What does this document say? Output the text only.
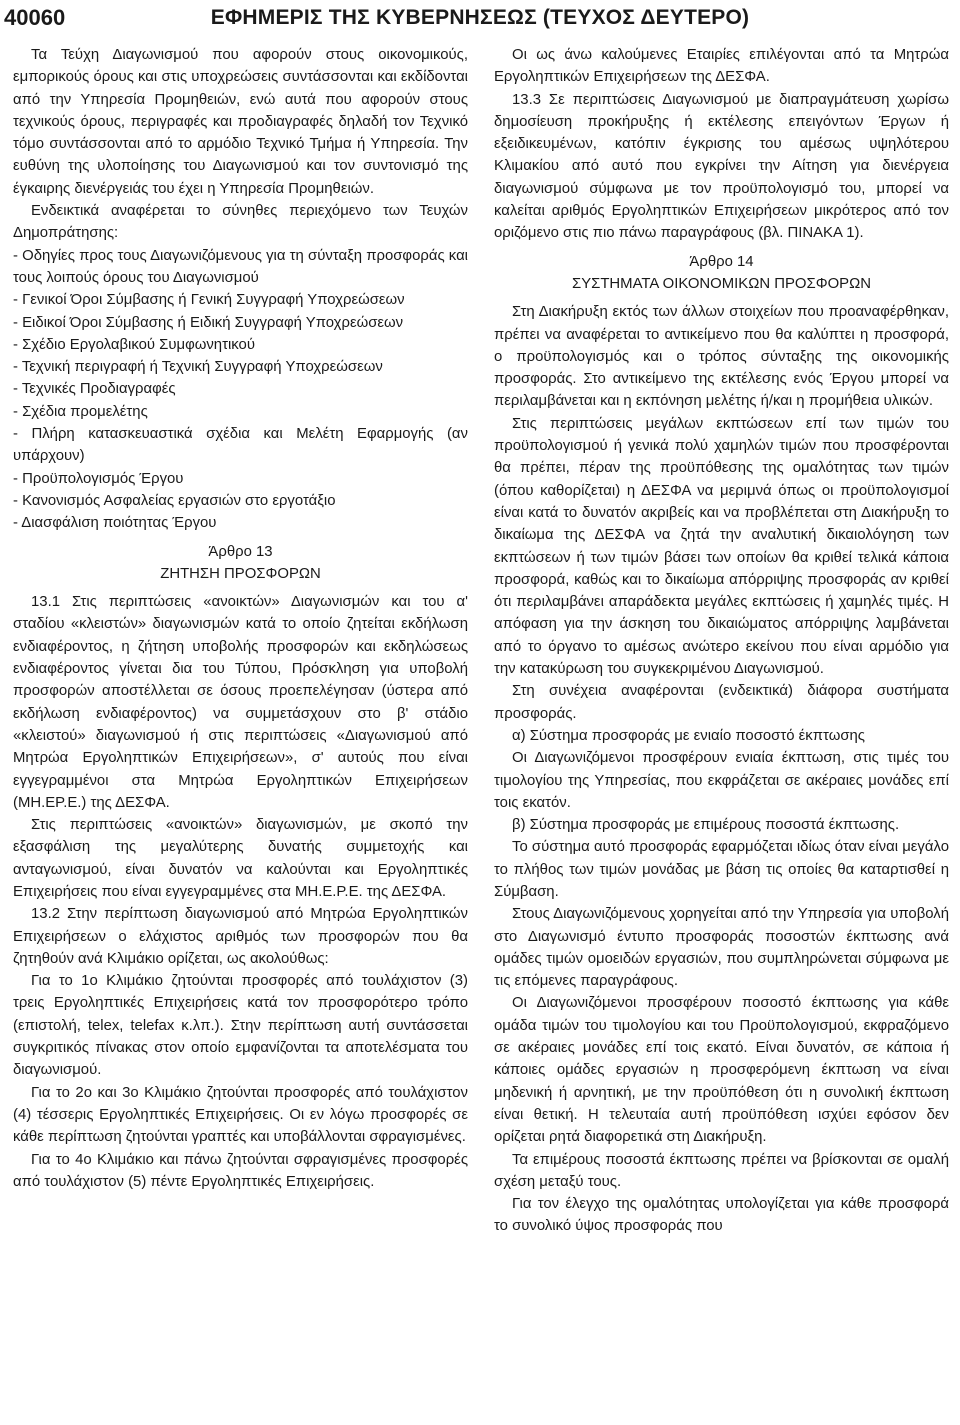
40060	ΕΦΗΜΕΡΙΣ ΤΗΣ ΚΥΒΕΡΝΗΣΕΩΣ (ΤΕΥΧΟΣ ΔΕΥΤΕΡΟ)

Τα Τεύχη Διαγωνισμού που αφορούν στους οικονομικούς, εμπορικούς όρους και στις υποχρεώσεις συντάσσονται και εκδίδονται από την Υπηρεσία Προμηθειών, ενώ αυτά που αφορούν στους τεχνικούς όρους, περιγραφές και προδιαγραφές δηλαδή τον Τεχνικό τόμο συντάσσονται από το αρμόδιο Τεχνικό Τμήμα ή Υπηρεσία. Την ευθύνη της υλοποίησης του Διαγωνισμού και τον συντονισμό της έγκαιρης διενέργειάς του έχει η Υπηρεσία Προμηθειών.

Ενδεικτικά αναφέρεται το σύνηθες περιεχόμενο των Τευχών Δημοπράτησης:

- Οδηγίες προς τους Διαγωνιζόμενους για τη σύνταξη προσφοράς και τους λοιπούς όρους του Διαγωνισμού

- Γενικοί Όροι Σύμβασης ή Γενική Συγγραφή Υποχρεώσεων

- Ειδικοί Όροι Σύμβασης ή Ειδική Συγγραφή Υποχρεώσεων

- Σχέδιο Εργολαβικού Συμφωνητικού

- Τεχνική περιγραφή ή Τεχνική Συγγραφή Υποχρεώσεων

- Τεχνικές Προδιαγραφές

- Σχέδια προμελέτης

- Πλήρη κατασκευαστικά σχέδια και Μελέτη Εφαρμογής (αν υπάρχουν)

- Προϋπολογισμός Έργου

- Κανονισμός Ασφαλείας εργασιών στο εργοτάξιο

- Διασφάλιση ποιότητας Έργου

Άρθρο 13

ΖΗΤΗΣΗ ΠΡΟΣΦΟΡΩΝ

13.1 Στις περιπτώσεις «ανοικτών» Διαγωνισμών και του α' σταδίου «κλειστών» διαγωνισμών κατά το οποίο ζητείται εκδήλωση ενδιαφέροντος, η ζήτηση υποβολής προσφορών και εκδηλώσεως ενδιαφέροντος γίνεται δια του Τύπου, Πρόσκληση για υποβολή προσφορών αποστέλλεται σε όσους προεπελέγησαν (ύστερα από εκδήλωση ενδιαφέροντος) να συμμετάσχουν στο β' στάδιο «κλειστού» διαγωνισμού ή στις περιπτώσεις «Διαγωνισμού από Μητρώα Εργοληπτικών Επιχειρήσεων», σ' αυτούς που είναι εγγεγραμμένοι στα Μητρώα Εργοληπτικών Επιχειρήσεων (ΜΗ.ΕΡ.Ε.) της ΔΕΣΦΑ.

Στις περιπτώσεις «ανοικτών» διαγωνισμών, με σκοπό την εξασφάλιση της μεγαλύτερης δυνατής συμμετοχής και ανταγωνισμού, είναι δυνατόν να καλούνται και Εργοληπτικές Επιχειρήσεις που είναι εγγεγραμμένες στα ΜΗ.Ε.Ρ.Ε. της ΔΕΣΦΑ.

13.2 Στην περίπτωση διαγωνισμού από Μητρώα Εργοληπτικών Επιχειρήσεων ο ελάχιστος αριθμός των προσφορών που θα ζητηθούν ανά Κλιμάκιο ορίζεται, ως ακολούθως:

Για το 1ο Κλιμάκιο ζητούνται προσφορές από τουλάχιστον (3) τρεις Εργοληπτικές Επιχειρήσεις κατά τον προσφορότερο τρόπο (επιστολή, telex, telefax κ.λπ.). Στην περίπτωση αυτή συντάσσεται συγκριτικός πίνακας στον οποίο εμφανίζονται τα αποτελέσματα του διαγωνισμού.

Για το 2ο και 3ο Κλιμάκιο ζητούνται προσφορές από τουλάχιστον (4) τέσσερις Εργοληπτικές Επιχειρήσεις. Οι εν λόγω προσφορές σε κάθε περίπτωση ζητούνται γραπτές και υποβάλλονται σφραγισμένες.

Για το 4ο Κλιμάκιο και πάνω ζητούνται σφραγισμένες προσφορές από τουλάχιστον (5) πέντε Εργοληπτικές Επιχειρήσεις.

Οι ως άνω καλούμενες Εταιρίες επιλέγονται από τα Μητρώα Εργοληπτικών Επιχειρήσεων της ΔΕΣΦΑ.

13.3 Σε περιπτώσεις Διαγωνισμού με διαπραγμάτευση χωρίσω δημοσίευση προκήρυξης ή εκτέλεσης επειγόντων Έργων ή εξειδικευμένων, κατόπιν έγκρισης του αμέσως υψηλότερου Κλιμακίου από αυτό που εγκρίνει την Αίτηση για διενέργεια διαγωνισμού σύμφωνα με τον προϋπολογισμό του, μπορεί να καλείται αριθμός Εργοληπτικών Επιχειρήσεων μικρότερος από τον οριζόμενο στις πιο πάνω παραγράφους (βλ. ΠΙΝΑΚΑ 1).

Άρθρο 14

ΣΥΣΤΗΜΑΤΑ ΟΙΚΟΝΟΜΙΚΩΝ ΠΡΟΣΦΟΡΩΝ

Στη Διακήρυξη εκτός των άλλων στοιχείων που προαναφέρθηκαν, πρέπει να αναφέρεται το αντικείμενο που θα καλύπτει η προσφορά, ο προϋπολογισμός και ο τρόπος σύνταξης της οικονομικής προσφοράς. Στο αντικείμενο της εκτέλεσης ενός Έργου μπορεί να περιλαμβάνεται και η εκπόνηση μελέτης ή/και η προμήθεια υλικών.

Στις περιπτώσεις μεγάλων εκπτώσεων επί των τιμών του προϋπολογισμού ή γενικά πολύ χαμηλών τιμών που προσφέρονται θα πρέπει, πέραν της προϋπόθεσης της ομαλότητας των τιμών (όπου καθορίζεται) η ΔΕΣΦΑ να μεριμνά όπως οι προϋπολογισμοί είναι κατά το δυνατόν ακριβείς και να προβλέπεται στη Διακήρυξη το δικαίωμα της ΔΕΣΦΑ να ζητά την αναλυτική δικαιολόγηση των εκπτώσεων ή των τιμών βάσει των οποίων θα κριθεί τελικά κάποια προσφορά, καθώς και το δικαίωμα απόρριψης προσφοράς αν κριθεί ότι περιλαμβάνει απαράδεκτα μεγάλες εκπτώσεις ή χαμηλές τιμές. Η απόφαση για την άσκηση του δικαιώματος απόρριψης λαμβάνεται από το όργανο το αμέσως ανώτερο εκείνου που είναι αρμόδιο για την κατακύρωση του συγκεκριμένου Διαγωνισμού.

Στη συνέχεια αναφέρονται (ενδεικτικά) διάφορα συστήματα προσφοράς.

α) Σύστημα προσφοράς με ενιαίο ποσοστό έκπτωσης

Οι Διαγωνιζόμενοι προσφέρουν ενιαία έκπτωση, στις τιμές του τιμολογίου της Υπηρεσίας, που εκφράζεται σε ακέραιες μονάδες επί τοις εκατόν.

β) Σύστημα προσφοράς με επιμέρους ποσοστά έκπτωσης.

Το σύστημα αυτό προσφοράς εφαρμόζεται ιδίως όταν είναι μεγάλο το πλήθος των τιμών μονάδας με βάση τις οποίες θα καταρτισθεί η Σύμβαση.

Στους Διαγωνιζόμενους χορηγείται από την Υπηρεσία για υποβολή στο Διαγωνισμό έντυπο προσφοράς ποσοστών έκπτωσης ανά ομάδες τιμών ομοειδών εργασιών, που συμπληρώνεται σύμφωνα με τις επόμενες παραγράφους.

Οι Διαγωνιζόμενοι προσφέρουν ποσοστό έκπτωσης για κάθε ομάδα τιμών του τιμολογίου και του Προϋπολογισμού, εκφραζόμενο σε ακέραιες μονάδες επί τοις εκατό. Είναι δυνατόν, σε κάποια ή κάποιες ομάδες εργασιών η προσφερόμενη έκπτωση να είναι μηδενική ή αρνητική, με την προϋπόθεση ότι η συνολική έκπτωση είναι θετική. Η τελευταία αυτή προϋπόθεση ισχύει εφόσον δεν ορίζεται ρητά διαφορετικά στη Διακήρυξη.

Τα επιμέρους ποσοστά έκπτωσης πρέπει να βρίσκονται σε ομαλή σχέση μεταξύ τους.

Για τον έλεγχο της ομαλότητας υπολογίζεται για κάθε προσφορά το συνολικό ύψος προσφοράς που
